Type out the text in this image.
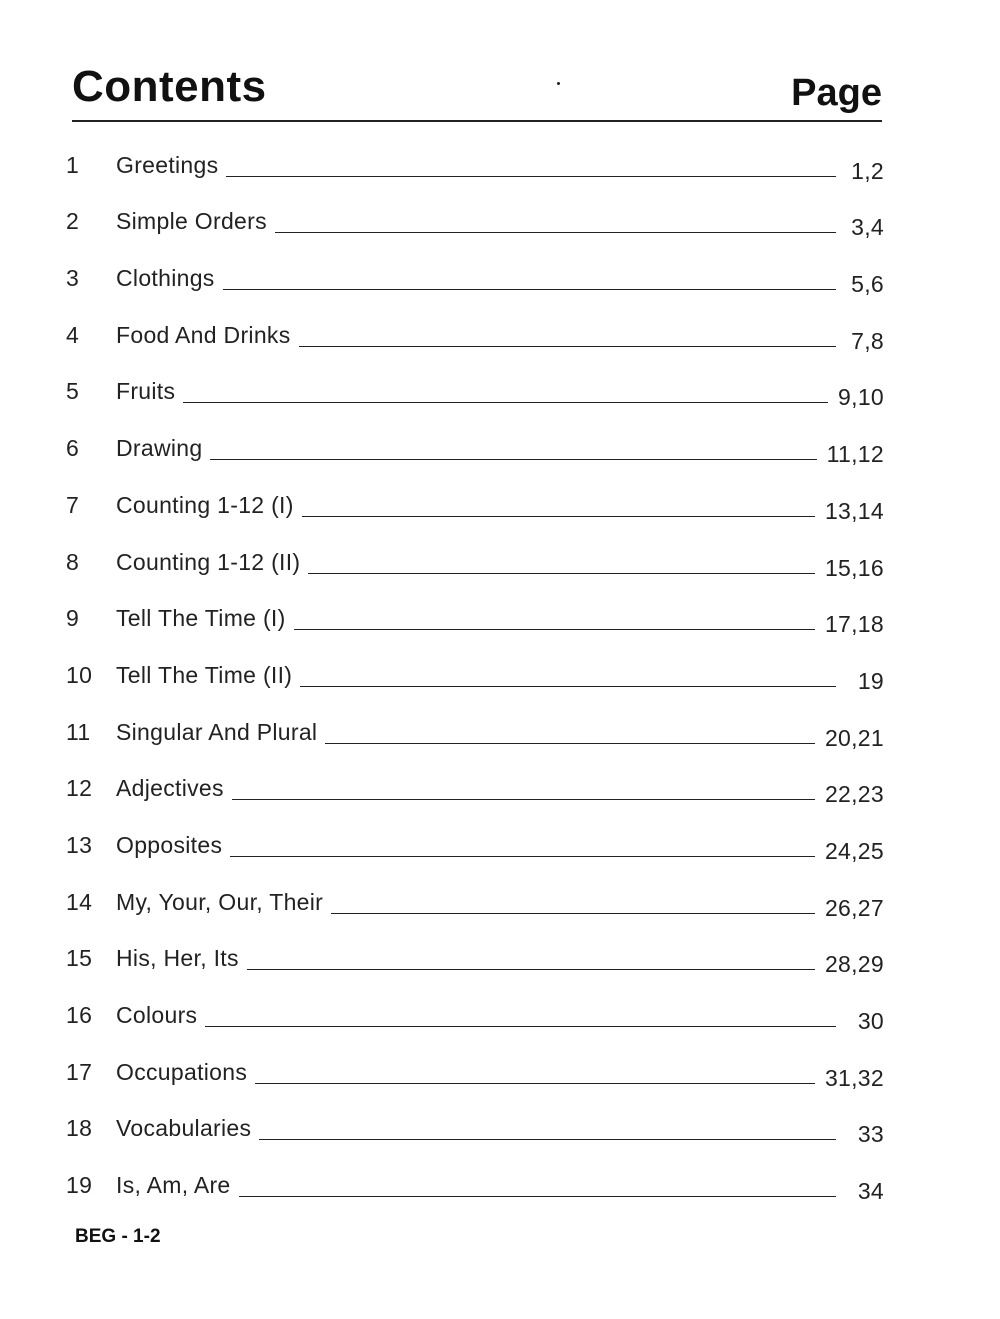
Contents	Page
1	Greetings	1,2
2	Simple Orders	3,4
3	Clothings	5,6
4	Food And Drinks	7,8
5	Fruits	9,10
6	Drawing	11,12
7	Counting 1-12 (I)	13,14
8	Counting 1-12 (II)	15,16
9	Tell The Time (I)	17,18
10	Tell The Time (II)	19
11	Singular And Plural	20,21
12	Adjectives	22,23
13	Opposites	24,25
14	My, Your, Our, Their	26,27
15	His, Her, Its	28,29
16	Colours	30
17	Occupations	31,32
18	Vocabularies	33
19	Is, Am, Are	34
BEG - 1-2
